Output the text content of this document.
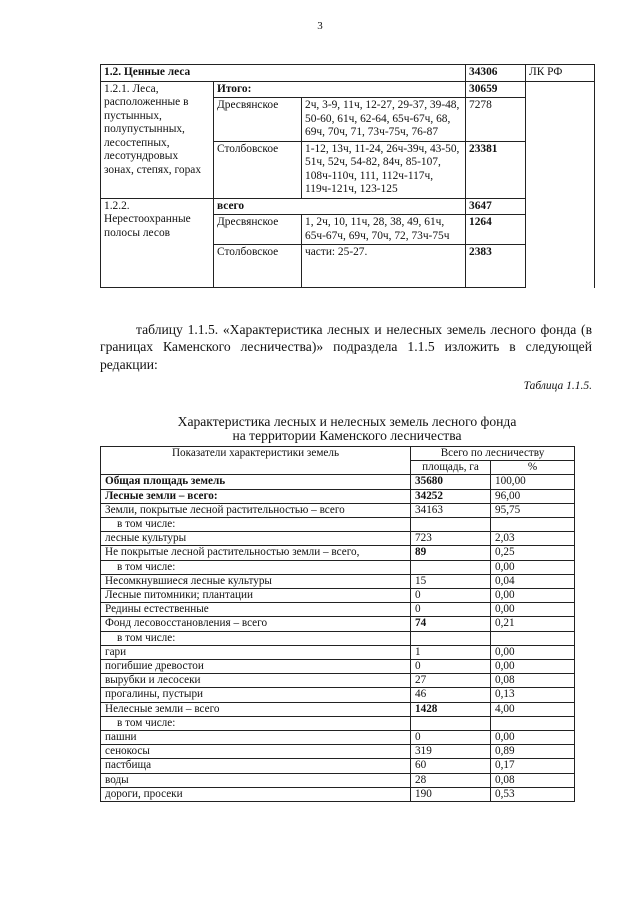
3
1.2. Ценные леса			34306	ЛК РФ
1.2.1. Леса, расположенные в пустынных, полупустынных, лесостепных, лесотундровых зонах, степях, горах	Итого:		30659	
	Дресвянское	2ч, 3-9, 11ч, 12-27, 29-37, 39-48, 50-60, 61ч, 62-64, 65ч-67ч, 68, 69ч, 70ч, 71, 73ч-75ч, 76-87	7278	
	Столбовское	1-12, 13ч, 11-24, 26ч-39ч, 43-50, 51ч, 52ч, 54-82, 84ч, 85-107, 108ч-110ч, 111, 112ч-117ч, 119ч-121ч, 123-125	23381	
1.2.2. Нерестоохранные полосы лесов	всего		3647	
	Дресвянское	1, 2ч, 10, 11ч, 28, 38, 49, 61ч, 65ч-67ч, 69ч, 70ч, 72, 73ч-75ч	1264	
	Столбовское	части: 25-27.	2383	
таблицу 1.1.5. «Характеристика лесных и нелесных земель лесного фонда (в границах Каменского лесничества)» подраздела 1.1.5 изложить в следующей редакции:
Таблица 1.1.5.
Характеристика лесных и нелесных земель лесного фонда
на территории Каменского лесничества
Показатели характеристики земель	Всего по лесничеству	
	площадь, га	%
Общая площадь земель	35680	100,00
Лесные земли – всего:	34252	96,00
Земли, покрытые лесной растительностью – всего	34163	95,75
в том числе:		
лесные культуры	723	2,03
Не покрытые лесной растительностью земли – всего,	89	0,25
в том числе:		0,00
Несомкнувшиеся лесные культуры	15	0,04
Лесные питомники; плантации	0	0,00
Редины естественные	0	0,00
Фонд лесовосстановления – всего	74	0,21
в том числе:		
гари	1	0,00
погибшие древостои	0	0,00
вырубки и лесосеки	27	0,08
прогалины, пустыри	46	0,13
Нелесные земли – всего	1428	4,00
в том числе:		
пашни	0	0,00
сенокосы	319	0,89
пастбища	60	0,17
воды	28	0,08
дороги, просеки	190	0,53
